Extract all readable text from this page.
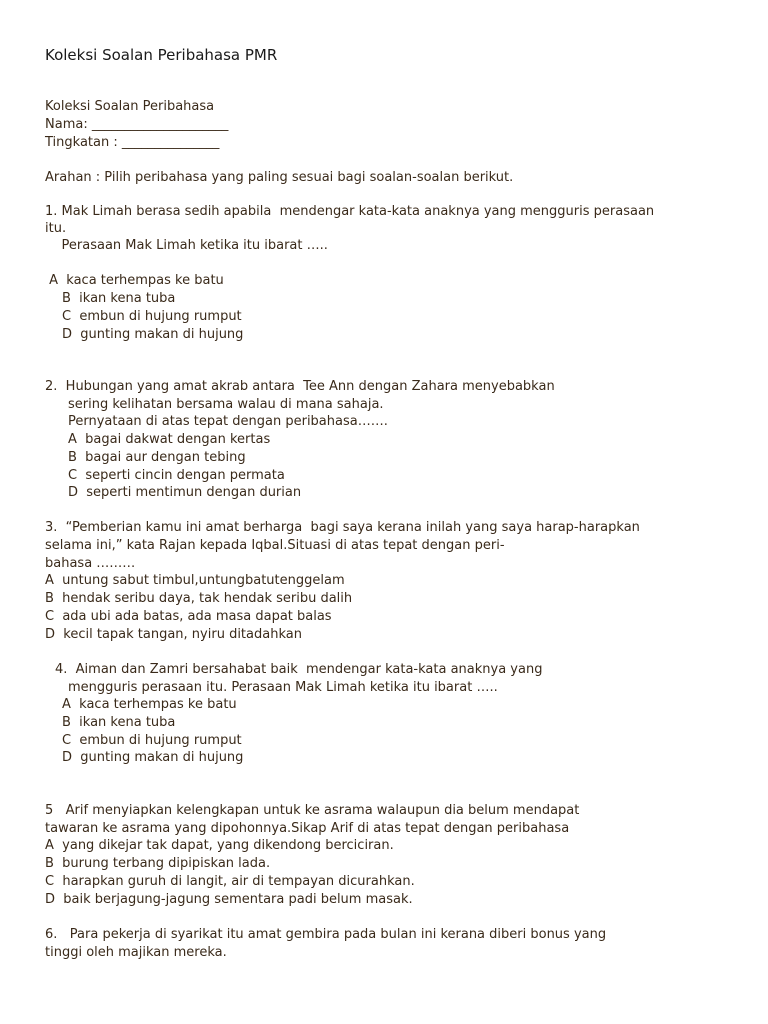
Koleksi Soalan Peribahasa PMR
Koleksi Soalan Peribahasa
Nama: _____________________
Tingkatan : _______________
Arahan : Pilih peribahasa yang paling sesuai bagi soalan-soalan berikut.
1. Mak Limah berasa sedih apabila  mendengar kata-kata anaknya yang mengguris perasaan
itu.
Perasaan Mak Limah ketika itu ibarat …..
A  kaca terhempas ke batu
B  ikan kena tuba
C  embun di hujung rumput
D  gunting makan di hujung
2.  Hubungan yang amat akrab antara  Tee Ann dengan Zahara menyebabkan
sering kelihatan bersama walau di mana sahaja.
Pernyataan di atas tepat dengan peribahasa…….
A  bagai dakwat dengan kertas
B  bagai aur dengan tebing
C  seperti cincin dengan permata
D  seperti mentimun dengan durian
3.  “Pemberian kamu ini amat berharga  bagi saya kerana inilah yang saya harap-harapkan
selama ini,” kata Rajan kepada Iqbal.Situasi di atas tepat dengan peri-
bahasa ………
A  untung sabut timbul,untungbatutenggelam
B  hendak seribu daya, tak hendak seribu dalih
C  ada ubi ada batas, ada masa dapat balas
D  kecil tapak tangan, nyiru ditadahkan
4.  Aiman dan Zamri bersahabat baik  mendengar kata-kata anaknya yang
mengguris perasaan itu. Perasaan Mak Limah ketika itu ibarat …..
A  kaca terhempas ke batu
B  ikan kena tuba
C  embun di hujung rumput
D  gunting makan di hujung
5   Arif menyiapkan kelengkapan untuk ke asrama walaupun dia belum mendapat
tawaran ke asrama yang dipohonnya.Sikap Arif di atas tepat dengan peribahasa
A  yang dikejar tak dapat, yang dikendong berciciran.
B  burung terbang dipipiskan lada.
C  harapkan guruh di langit, air di tempayan dicurahkan.
D  baik berjagung-jagung sementara padi belum masak.
6.   Para pekerja di syarikat itu amat gembira pada bulan ini kerana diberi bonus yang
tinggi oleh majikan mereka.
